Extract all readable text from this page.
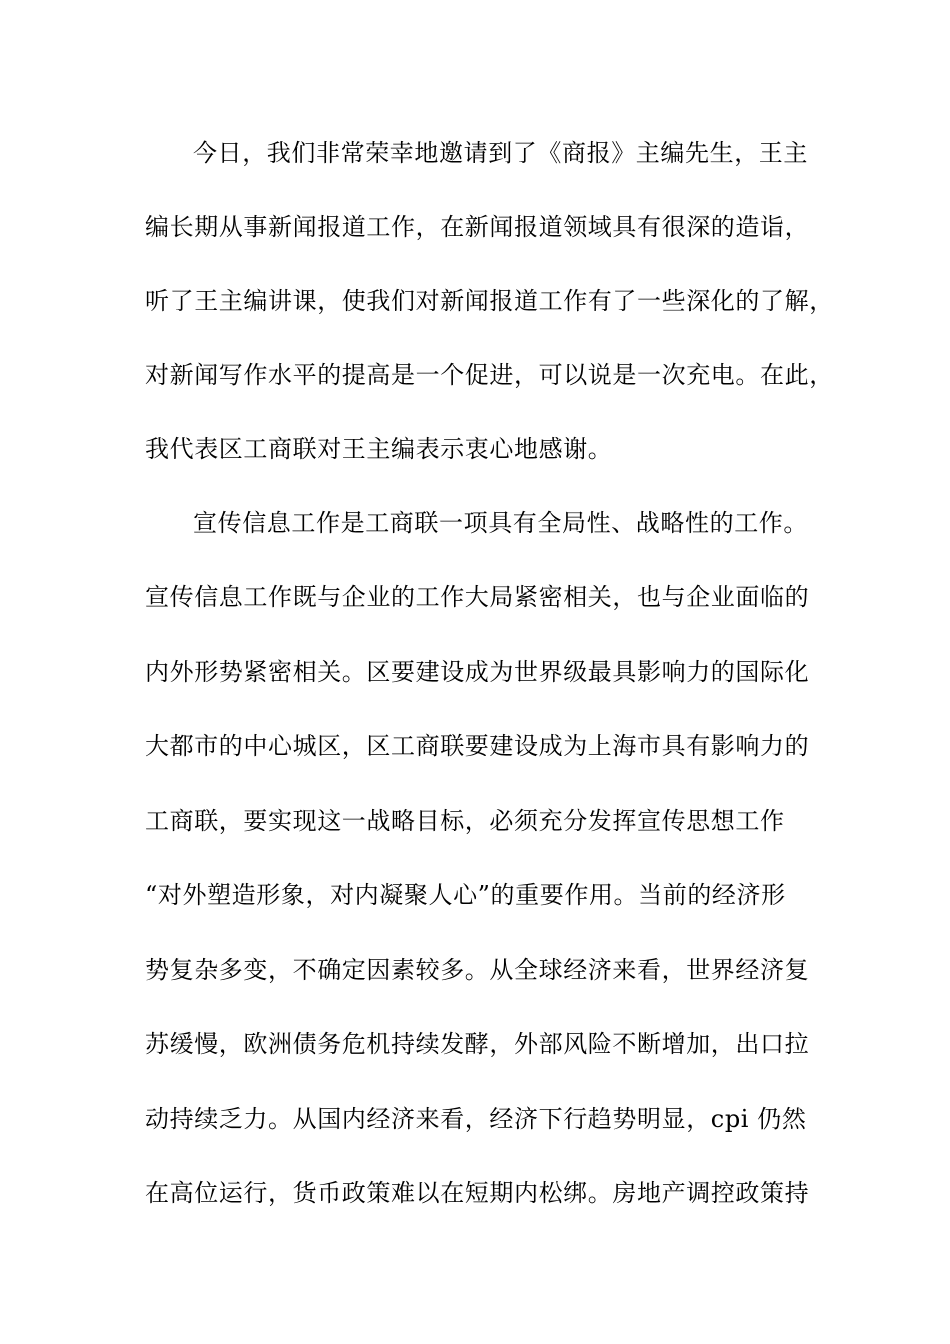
今日，我们非常荣幸地邀请到了《商报》主编先生，王主
编长期从事新闻报道工作，在新闻报道领域具有很深的造诣，
听了王主编讲课，使我们对新闻报道工作有了一些深化的了解，
对新闻写作水平的提高是一个促进，可以说是一次充电。在此，
我代表区工商联对王主编表示衷心地感谢。
宣传信息工作是工商联一项具有全局性、战略性的工作。
宣传信息工作既与企业的工作大局紧密相关，也与企业面临的
内外形势紧密相关。区要建设成为世界级最具影响力的国际化
大都市的中心城区，区工商联要建设成为上海市具有影响力的
工商联，要实现这一战略目标，必须充分发挥宣传思想工作
“对外塑造形象，对内凝聚人心”的重要作用。当前的经济形
势复杂多变，不确定因素较多。从全球经济来看，世界经济复
苏缓慢，欧洲债务危机持续发酵，外部风险不断增加，出口拉
动持续乏力。从国内经济来看，经济下行趋势明显，cpi 仍然
在高位运行，货币政策难以在短期内松绑。房地产调控政策持
